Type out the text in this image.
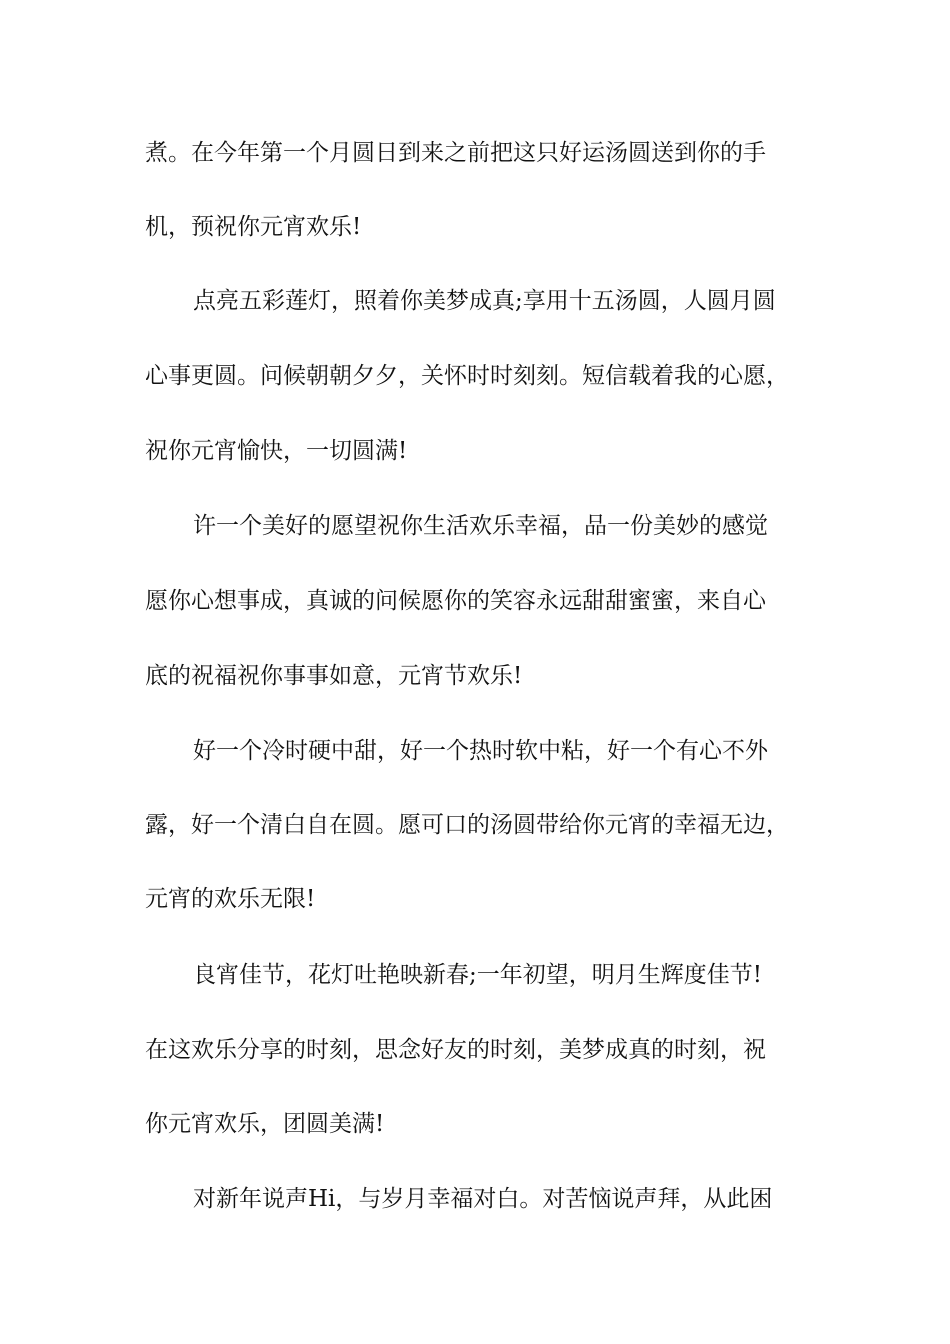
煮。在今年第一个月圆日到来之前把这只好运汤圆送到你的手
机，预祝你元宵欢乐!
点亮五彩莲灯，照着你美梦成真;享用十五汤圆，人圆月圆
心事更圆。问候朝朝夕夕，关怀时时刻刻。短信载着我的心愿，
祝你元宵愉快，一切圆满!
许一个美好的愿望祝你生活欢乐幸福，品一份美妙的感觉
愿你心想事成，真诚的问候愿你的笑容永远甜甜蜜蜜，来自心
底的祝福祝你事事如意，元宵节欢乐!
好一个冷时硬中甜，好一个热时软中粘，好一个有心不外
露，好一个清白自在圆。愿可口的汤圆带给你元宵的幸福无边，
元宵的欢乐无限!
良宵佳节，花灯吐艳映新春;一年初望，明月生辉度佳节!
在这欢乐分享的时刻，思念好友的时刻，美梦成真的时刻，祝
你元宵欢乐，团圆美满!
对新年说声Hi，与岁月幸福对白。对苦恼说声拜，从此困
